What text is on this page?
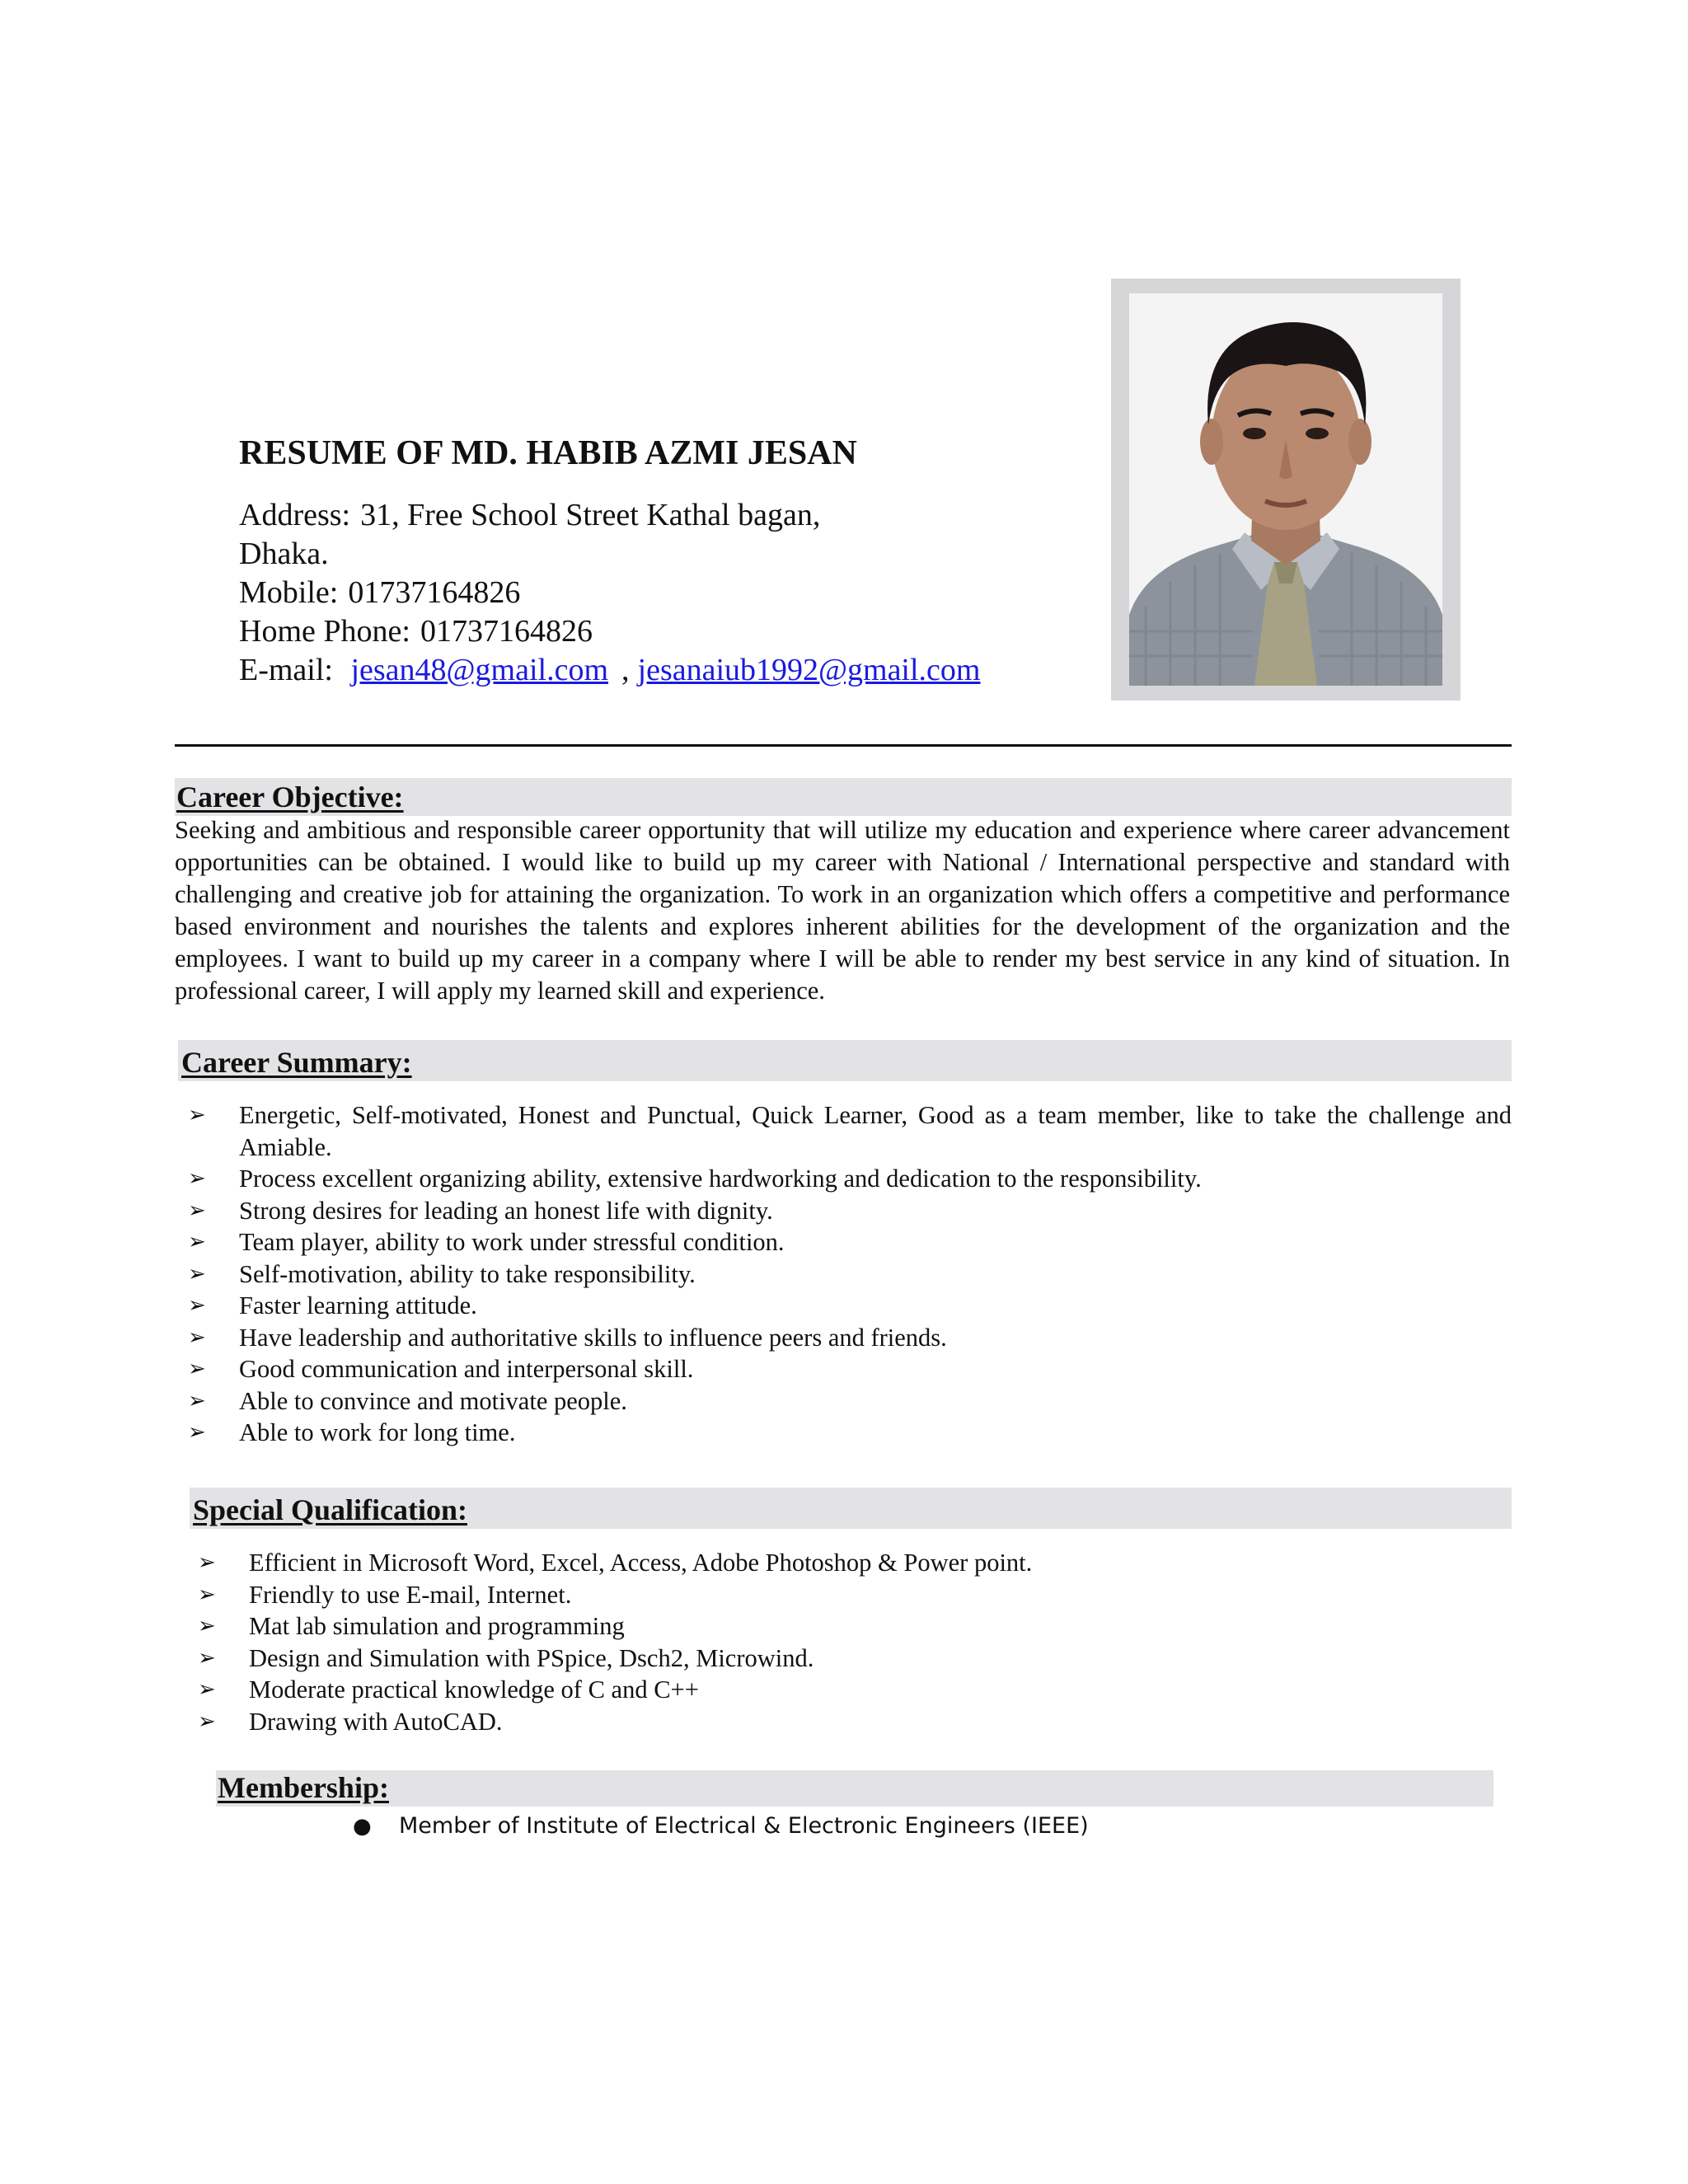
RESUME OF MD. HABIB AZMI JESAN
Address: 31, Free School Street Kathal bagan,
Dhaka.
Mobile: 01737164826
Home Phone: 01737164826
E-mail: jesan48@gmail.com , jesanaiub1992@gmail.com
Career Objective:
Seeking and ambitious and responsible career opportunity that will utilize my education and experience where career advancement opportunities can be obtained. I would like to build up my career with National / International perspective and standard with challenging and creative job for attaining the organization. To work in an organization which offers a competitive and performance based environment and nourishes the talents and explores inherent abilities for the development of the organization and the employees. I want to build up my career in a company where I will be able to render my best service in any kind of situation. In professional career, I will apply my learned skill and experience.
Career Summary:
➢ Energetic, Self-motivated, Honest and Punctual, Quick Learner, Good as a team member, like to take the challenge and Amiable.
➢ Process excellent organizing ability, extensive hardworking and dedication to the responsibility.
➢ Strong desires for leading an honest life with dignity.
➢ Team player, ability to work under stressful condition.
➢ Self-motivation, ability to take responsibility.
➢ Faster learning attitude.
➢ Have leadership and authoritative skills to influence peers and friends.
➢ Good communication and interpersonal skill.
➢ Able to convince and motivate people.
➢ Able to work for long time.
Special Qualification:
➢ Efficient in Microsoft Word, Excel, Access, Adobe Photoshop & Power point.
➢ Friendly to use E-mail, Internet.
➢ Mat lab simulation and programming
➢ Design and Simulation with PSpice, Dsch2, Microwind.
➢ Moderate practical knowledge of C and C++
➢ Drawing with AutoCAD.
Membership:
● Member of Institute of Electrical & Electronic Engineers (IEEE)
